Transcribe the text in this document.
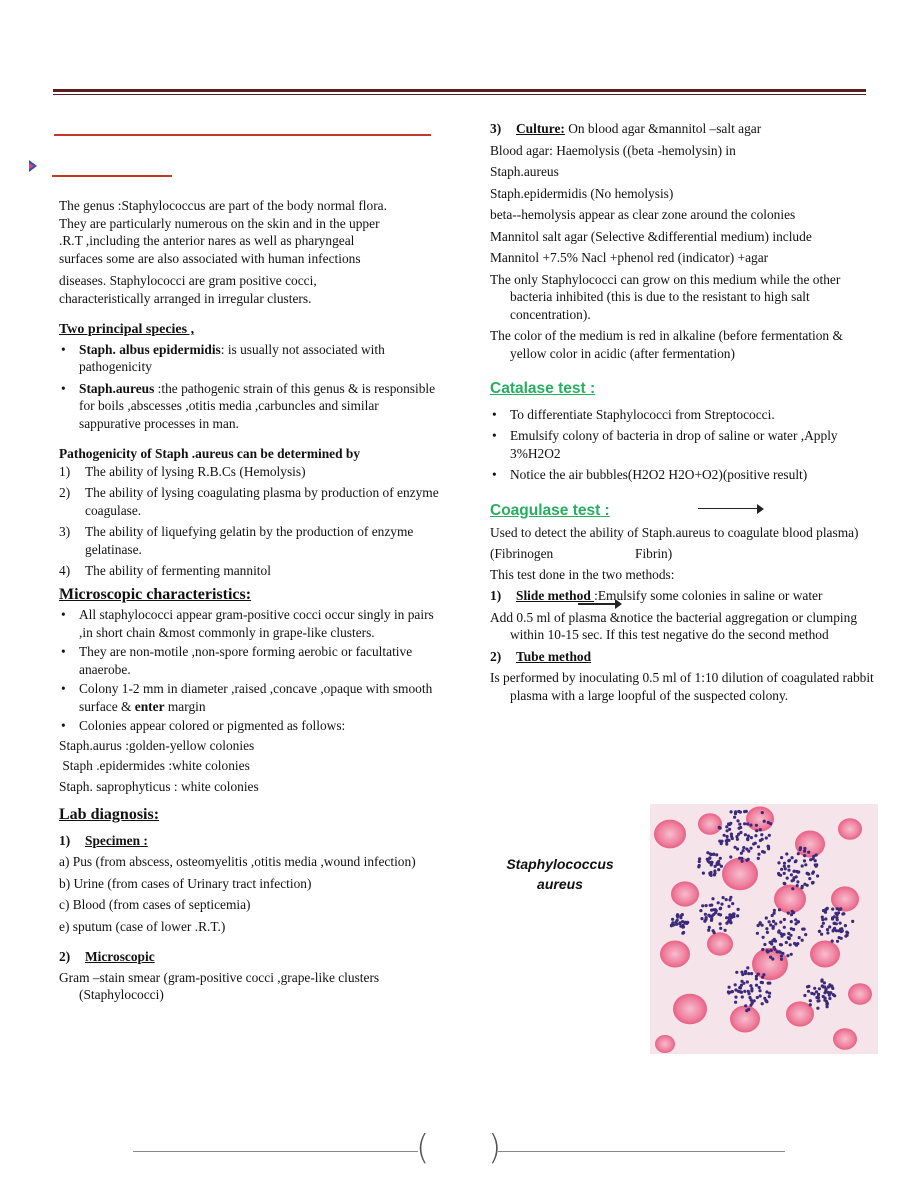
The genus :Staphylococcus are part of the body normal flora.

They are particularly numerous on the skin and in the upper

.R.T ,including the anterior nares as well as pharyngeal

surfaces some are also associated with human infections

diseases. Staphylococci are gram positive cocci,

characteristically arranged in irregular clusters.

Two principal species ,

• Staph. albus epidermidis: is usually not associated with pathogenicity
• Staph.aureus :the pathogenic strain of this genus & is responsible for boils ,abscesses ,otitis media ,carbuncles and similar sappurative processes in man.

Pathogenicity of Staph .aureus can be determined by

1) The ability of lysing R.B.Cs (Hemolysis)
2) The ability of lysing coagulating plasma by production of enzyme coagulase.
3) The ability of liquefying gelatin by the production of enzyme gelatinase.
4) The ability of fermenting mannitol

Microscopic characteristics:

• All staphylococci appear gram-positive cocci occur singly in pairs ,in short chain &most commonly in grape-like clusters.
• They are non-motile ,non-spore forming aerobic or facultative anaerobe.
• Colony 1-2 mm in diameter ,raised ,concave ,opaque with smooth surface & enter margin
• Colonies appear colored or pigmented as follows:

Staph.aurus :golden-yellow colonies

Staph .epidermides :white colonies

Staph. saprophyticus : white colonies

Lab diagnosis:

1) Specimen :

a) Pus (from abscess, osteomyelitis ,otitis media ,wound infection)

b) Urine (from cases of Urinary tract infection)

c) Blood (from cases of septicemia)

e) sputum (case of lower .R.T.)

2) Microscopic

Gram –stain smear (gram-positive cocci ,grape-like clusters (Staphylococci)

3) Culture: On blood agar &mannitol –salt agar

Blood agar: Haemolysis ((beta -hemolysin) in

Staph.aureus

Staph.epidermidis (No hemolysis)

beta--hemolysis appear as clear zone around the colonies

Mannitol salt agar (Selective &differential medium) include

Mannitol +7.5% Nacl +phenol red (indicator) +agar

The only Staphylococci can grow on this medium while the other bacteria inhibited (this is due to the resistant to high salt concentration).

The color of the medium is red in alkaline (before fermentation & yellow color in acidic (after fermentation)

Catalase test :

• To differentiate Staphylococci from Streptococci.
• Emulsify colony of bacteria in drop of saline or water ,Apply 3%H2O2
• Notice the air bubbles(H2O2 H2O+O2)(positive result)

Coagulase test :

Used to detect the ability of Staph.aureus to coagulate blood plasma)

(Fibrinogen	Fibrin)

This test done in the two methods:

1) Slide method :Emulsify some colonies in saline or water

Add 0.5 ml of plasma &notice the bacterial aggregation or clumping within 10-15 sec. If this test negative do the second method

2) Tube method

Is performed by inoculating 0.5 ml of 1:10 dilution of coagulated rabbit plasma with a large loopful of the suspected colony.

Staphylococcus
aureus
( )
